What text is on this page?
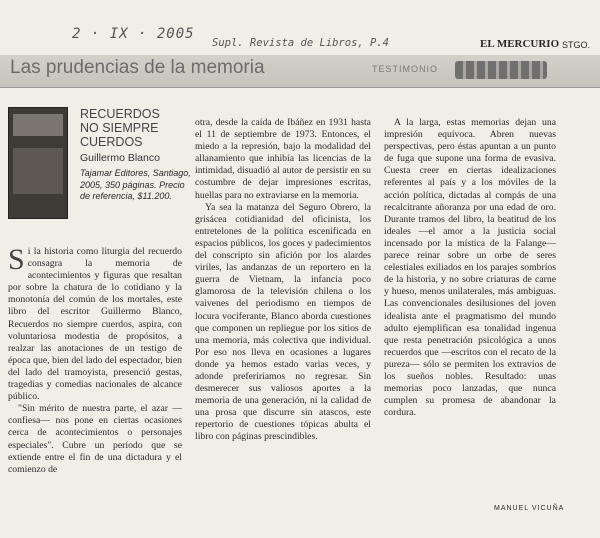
2 · IX · 2005
Supl. Revista de Libros, P.4	EL MERCURIO STGO.
Las prudencias de la memoria	TESTIMONIO
RECUERDOS NO SIEMPRE CUERDOS
Guillermo Blanco
Tajamar Editores, Santiago, 2005, 350 páginas. Precio de referencia, $11.200.

Si la historia como liturgia del recuerdo consagra la memoria de acontecimientos y figuras que resaltan por sobre la chatura de lo cotidiano y la monotonía del común de los mortales, este libro del escritor Guillermo Blanco, Recuerdos no siempre cuerdos, aspira, con voluntariosa modestia de propósitos, a realzar las anotaciones de un testigo de época que, bien del lado del espectador, bien del lado del tramoyista, presenció gestas, tragedias y comedias nacionales de alcance público.

"Sin mérito de nuestra parte, el azar —confiesa— nos pone en ciertas ocasiones cerca de acontecimientos o personajes especiales". Cubre un período que se extiende entre el fin de una dictadura y el comienzo de

otra, desde la caída de Ibáñez en 1931 hasta el 11 de septiembre de 1973. Entonces, el miedo a la represión, bajo la modalidad del allanamiento que inhibía las licencias de la intimidad, disuadió al autor de persistir en su costumbre de dejar impresiones escritas, huellas para no extraviarse en la memoria.

Ya sea la matanza del Seguro Obrero, la grisácea cotidianidad del oficinista, los entretelones de la política escenificada en espacios públicos, los goces y padecimientos del conscripto sin afición por los alardes viriles, las andanzas de un reportero en la guerra de Vietnam, la infancia poco glamorosa de la televisión chilena o los vaivenes del periodismo en tiempos de locura vociferante, Blanco aborda cuestiones que componen un repliegue por los sitios de una memoria, más colectiva que individual. Por eso nos lleva en ocasiones a lugares donde ya hemos estado varias veces, y adonde preferiríamos no regresar. Sin desmerecer sus valiosos aportes a la memoria de una generación, ni la calidad de una prosa que discurre sin atascos, este repertorio de cuestiones tópicas abulta el libro con páginas prescindibles.

A la larga, estas memorias dejan una impresión equívoca. Abren nuevas perspectivas, pero éstas apuntan a un punto de fuga que supone una forma de evasiva. Cuesta creer en ciertas idealizaciones referentes al país y a los móviles de la acción política, dictadas al compás de una recalcitrante añoranza por una edad de oro. Durante tramos del libro, la beatitud de los ideales —el amor a la justicia social incensado por la mística de la Falange— parece reinar sobre un orbe de seres celestiales exiliados en los parajes sombríos de la historia, y no sobre criaturas de carne y hueso, menos unilaterales, más ambiguas. Las convencionales desilusiones del joven idealista ante el pragmatismo del mundo adulto ejemplifican esa tonalidad ingenua que resta penetración psicológica a unos recuerdos que —escritos con el recato de la pureza— sólo se permiten los extravíos de los sueños nobles. Resultado: unas memorias poco lanzadas, que nunca cumplen su promesa de abandonar la cordura.

MANUEL VICUÑA
